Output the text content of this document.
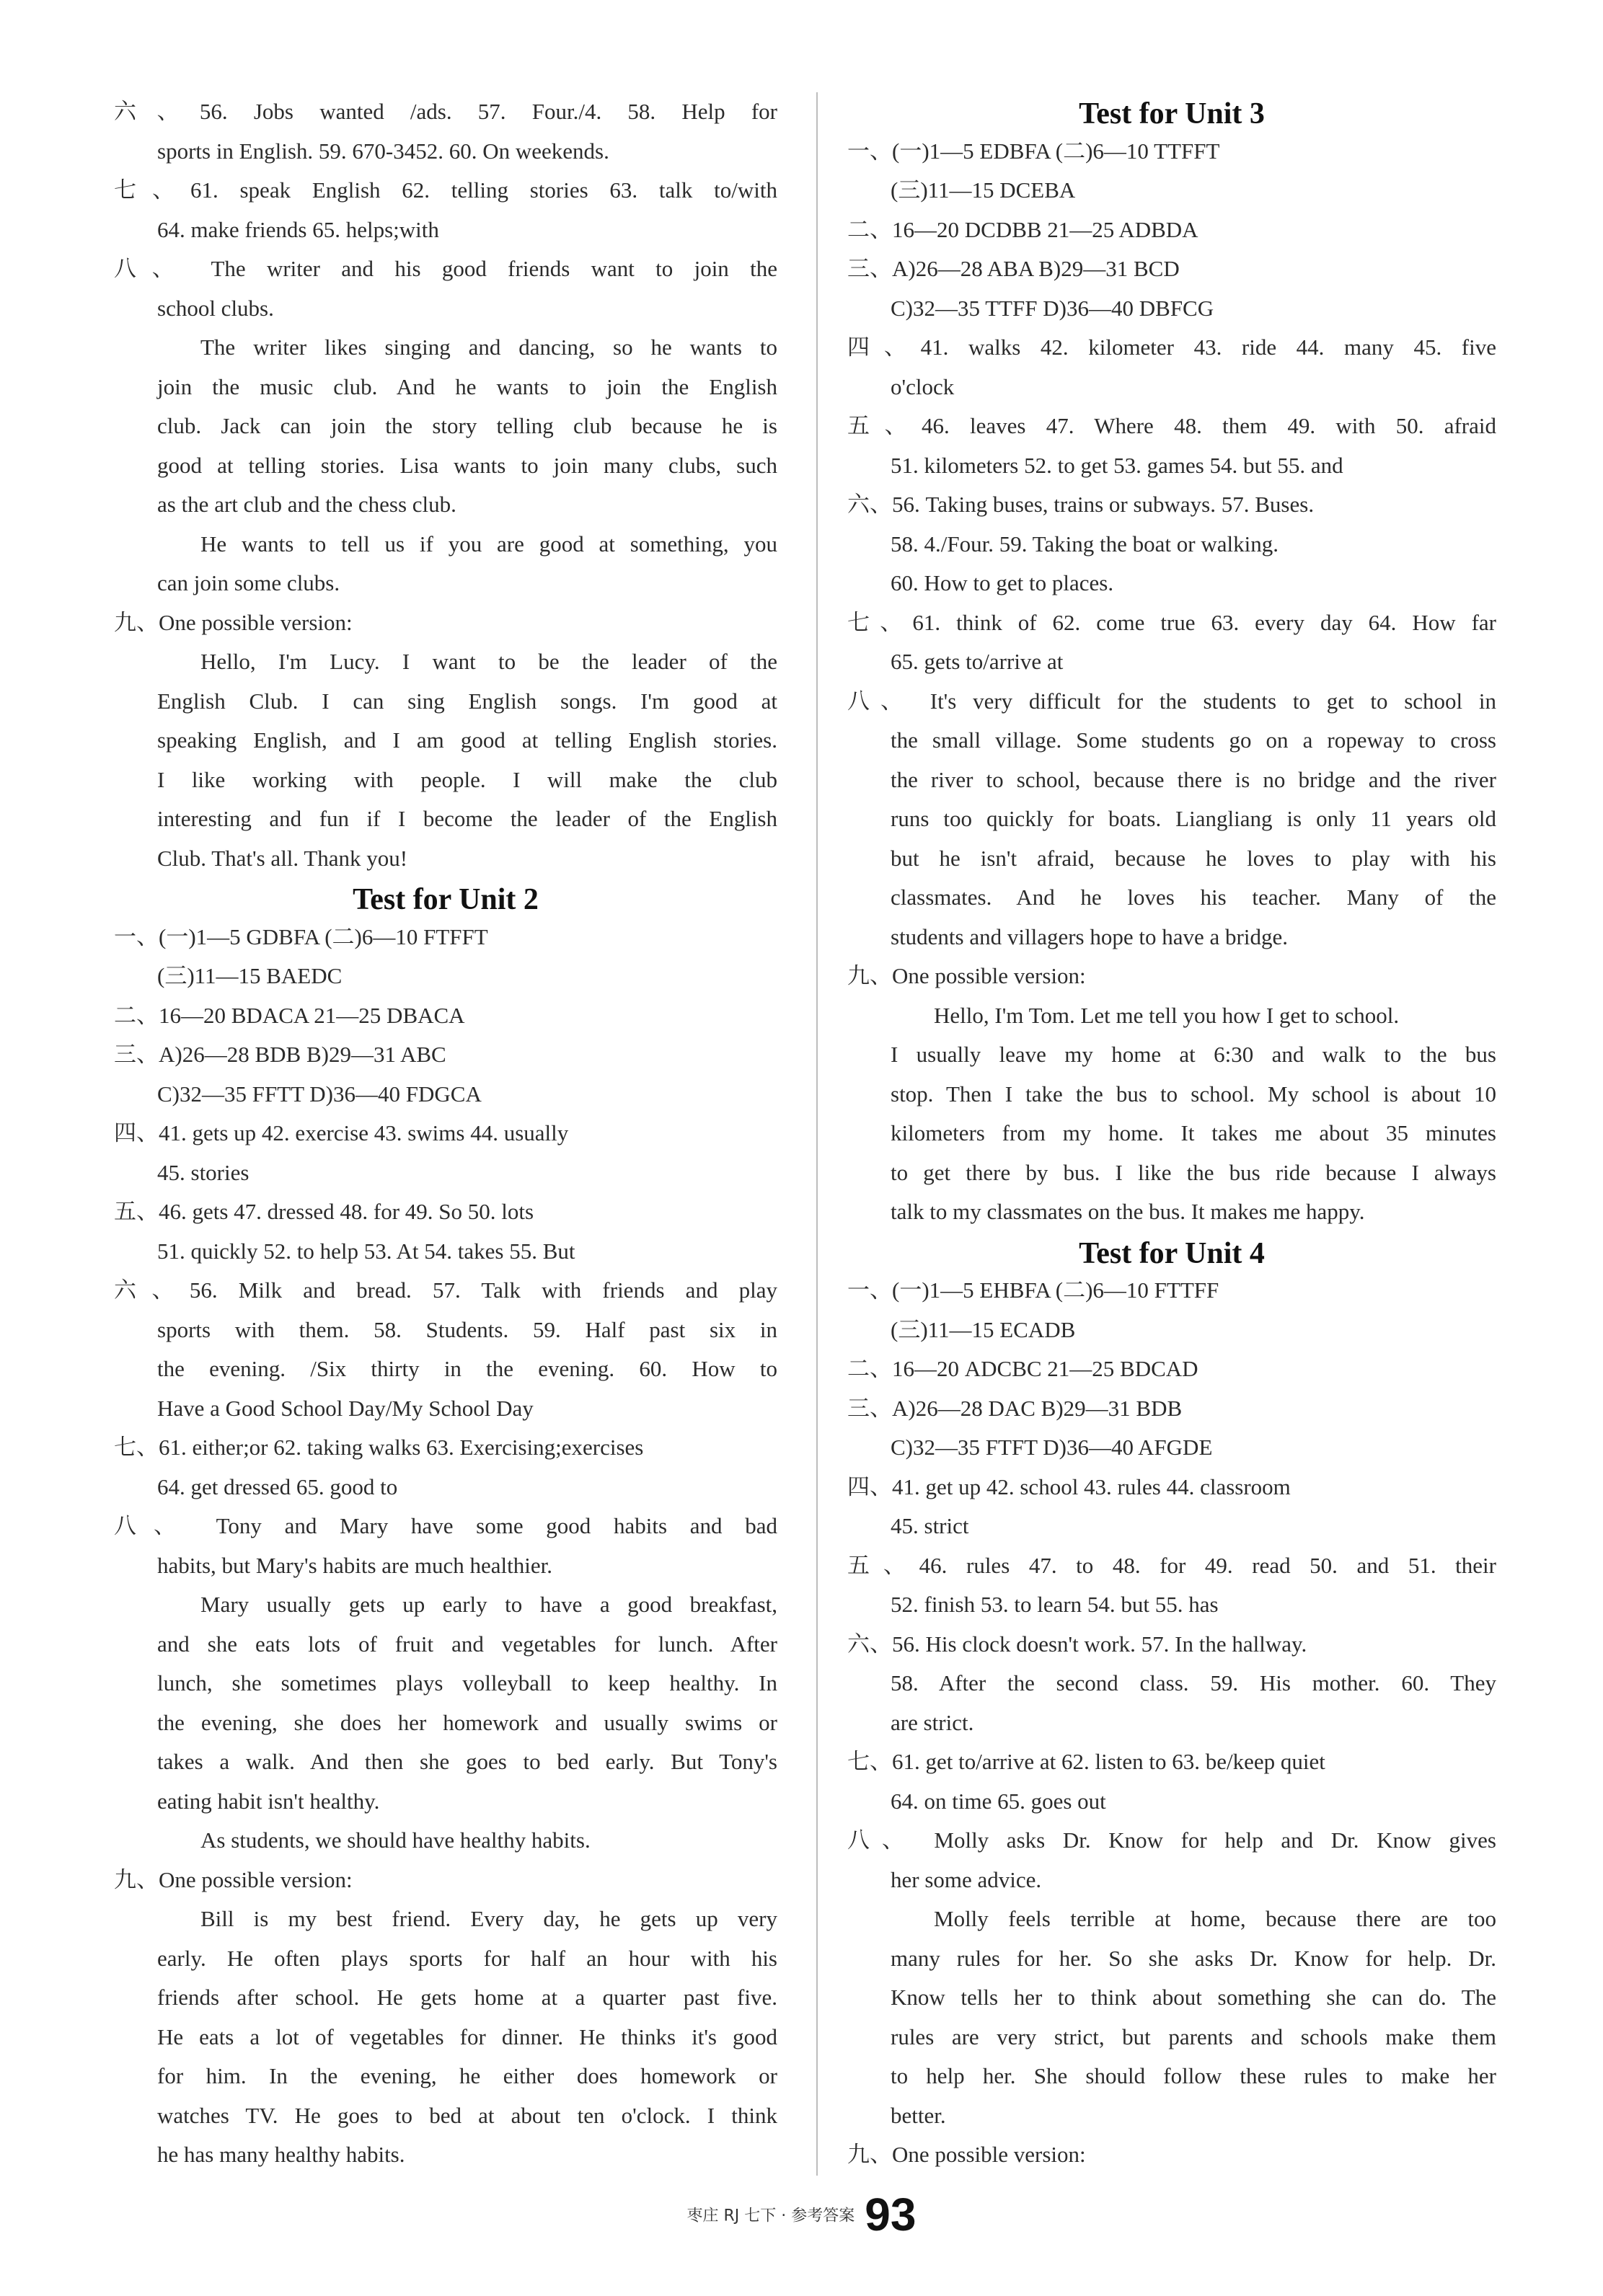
六、56. Jobs wanted /ads. 57. Four./4. 58. Help for
sports in English. 59. 670-3452. 60. On weekends.
七、61. speak English 62. telling stories 63. talk to/with
64. make friends 65. helps;with
八、 The writer and his good friends want to join the
school clubs.
The writer likes singing and dancing, so he wants to
join the music club. And he wants to join the English
club. Jack can join the story telling club because he is
good at telling stories. Lisa wants to join many clubs, such
as the art club and the chess club.
He wants to tell us if you are good at something, you
can join some clubs.
九、One possible version:
Hello, I'm Lucy. I want to be the leader of the
English Club. I can sing English songs. I'm good at
speaking English, and I am good at telling English stories.
I like working with people. I will make the club
interesting and fun if I become the leader of the English
Club. That's all. Thank you!
Test for Unit 2
一、(一)1—5 GDBFA (二)6—10 FTFFT
(三)11—15 BAEDC
二、16—20 BDACA 21—25 DBACA
三、A)26—28 BDB B)29—31 ABC
C)32—35 FFTT D)36—40 FDGCA
四、41. gets up 42. exercise 43. swims 44. usually
45. stories
五、46. gets 47. dressed 48. for 49. So 50. lots
51. quickly 52. to help 53. At 54. takes 55. But
六、56. Milk and bread. 57. Talk with friends and play
sports with them. 58. Students. 59. Half past six in
the evening. /Six thirty in the evening. 60. How to
Have a Good School Day/My School Day
七、61. either;or 62. taking walks 63. Exercising;exercises
64. get dressed 65. good to
八、 Tony and Mary have some good habits and bad
habits, but Mary's habits are much healthier.
Mary usually gets up early to have a good breakfast,
and she eats lots of fruit and vegetables for lunch. After
lunch, she sometimes plays volleyball to keep healthy. In
the evening, she does her homework and usually swims or
takes a walk. And then she goes to bed early. But Tony's
eating habit isn't healthy.
As students, we should have healthy habits.
九、One possible version:
Bill is my best friend. Every day, he gets up very
early. He often plays sports for half an hour with his
friends after school. He gets home at a quarter past five.
He eats a lot of vegetables for dinner. He thinks it's good
for him. In the evening, he either does homework or
watches TV. He goes to bed at about ten o'clock. I think
he has many healthy habits.
Test for Unit 3
一、(一)1—5 EDBFA (二)6—10 TTFFT
(三)11—15 DCEBA
二、16—20 DCDBB 21—25 ADBDA
三、A)26—28 ABA B)29—31 BCD
C)32—35 TTFF D)36—40 DBFCG
四、41. walks 42. kilometer 43. ride 44. many 45. five
o'clock
五、46. leaves 47. Where 48. them 49. with 50. afraid
51. kilometers 52. to get 53. games 54. but 55. and
六、56. Taking buses, trains or subways. 57. Buses.
58. 4./Four. 59. Taking the boat or walking.
60. How to get to places.
七、61. think of 62. come true 63. every day 64. How far
65. gets to/arrive at
八、 It's very difficult for the students to get to school in
the small village. Some students go on a ropeway to cross
the river to school, because there is no bridge and the river
runs too quickly for boats. Liangliang is only 11 years old
but he isn't afraid, because he loves to play with his
classmates. And he loves his teacher. Many of the
students and villagers hope to have a bridge.
九、One possible version:
Hello, I'm Tom. Let me tell you how I get to school.
I usually leave my home at 6:30 and walk to the bus
stop. Then I take the bus to school. My school is about 10
kilometers from my home. It takes me about 35 minutes
to get there by bus. I like the bus ride because I always
talk to my classmates on the bus. It makes me happy.
Test for Unit 4
一、(一)1—5 EHBFA (二)6—10 FTTFF
(三)11—15 ECADB
二、16—20 ADCBC 21—25 BDCAD
三、A)26—28 DAC B)29—31 BDB
C)32—35 FTFT D)36—40 AFGDE
四、41. get up 42. school 43. rules 44. classroom
45. strict
五、46. rules 47. to 48. for 49. read 50. and 51. their
52. finish 53. to learn 54. but 55. has
六、56. His clock doesn't work. 57. In the hallway.
58. After the second class. 59. His mother. 60. They
are strict.
七、61. get to/arrive at 62. listen to 63. be/keep quiet
64. on time 65. goes out
八、 Molly asks Dr. Know for help and Dr. Know gives
her some advice.
Molly feels terrible at home, because there are too
many rules for her. So she asks Dr. Know for help. Dr.
Know tells her to think about something she can do. The
rules are very strict, but parents and schools make them
to help her. She should follow these rules to make her
better.
九、One possible version:
枣庄 RJ 七下 · 参考答案 93
